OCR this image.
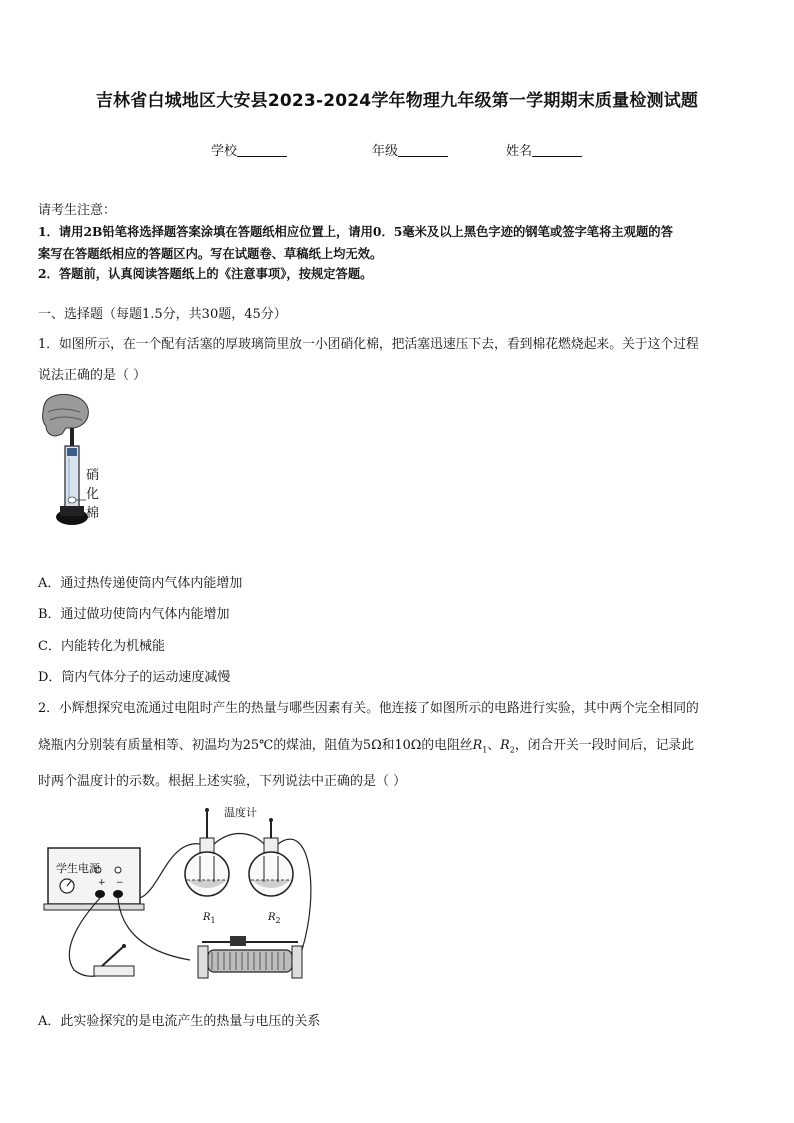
吉林省白城地区大安县2023-2024学年物理九年级第一学期期末质量检测试题
学校	年级	姓名
请考生注意：
1．请用2B铅笔将选择题答案涂填在答题纸相应位置上，请用0．5毫米及以上黑色字迹的钢笔或签字笔将主观题的答
案写在答题纸相应的答题区内。写在试题卷、草稿纸上均无效。
2．答题前，认真阅读答题纸上的《注意事项》，按规定答题。
一、选择题（每题1.5分，共30题，45分）
1．如图所示，在一个配有活塞的厚玻璃筒里放一小团硝化棉，把活塞迅速压下去，看到棉花燃烧起来。关于这个过程
说法正确的是（ ）
硝
化
棉
A．通过热传递使筒内气体内能增加
B．通过做功使筒内气体内能增加
C．内能转化为机械能
D．筒内气体分子的运动速度减慢
2．小辉想探究电流通过电阻时产生的热量与哪些因素有关。他连接了如图所示的电路进行实验，其中两个完全相同的
烧瓶内分别装有质量相等、初温均为25℃的煤油，阻值为5Ω和10Ω的电阻丝$R_1$、$R_2$，闭合开关一段时间后，记录此
时两个温度计的示数。根据上述实验，下列说法中正确的是（ ）
温度计
学生电源
+ −
$R_1$	$R_2$
A．此实验探究的是电流产生的热量与电压的关系
